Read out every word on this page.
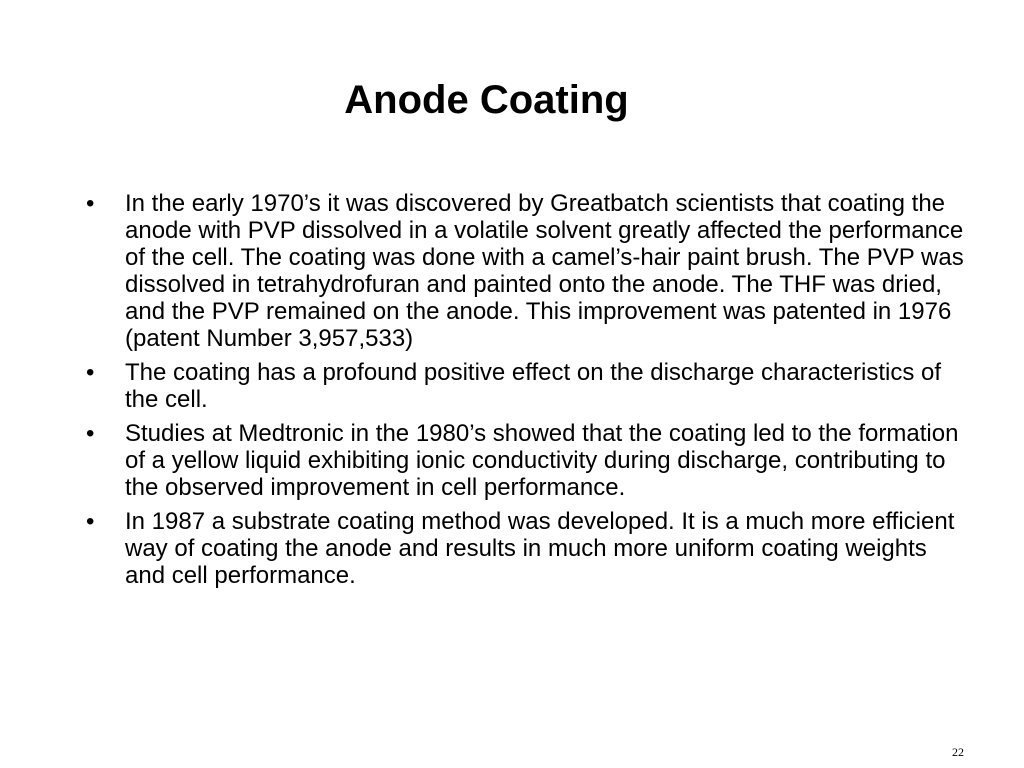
Anode Coating
•	In the early 1970’s it was discovered by Greatbatch scientists that coating the anode with PVP dissolved in a volatile solvent greatly affected the performance of the cell. The coating was done with a camel’s-hair paint brush. The PVP was dissolved in tetrahydrofuran and painted onto the anode. The THF was dried, and the PVP remained on the anode. This improvement was patented in 1976 (patent Number 3,957,533)
•	The coating has a profound positive effect on the discharge characteristics of the cell.
•	Studies at Medtronic in the 1980’s showed that the coating led to the formation of a yellow liquid exhibiting ionic conductivity during discharge, contributing to the observed improvement in cell performance.
•	In 1987 a substrate coating method was developed. It is a much more efficient way of coating the anode and results in much more uniform coating weights and cell performance.
22
